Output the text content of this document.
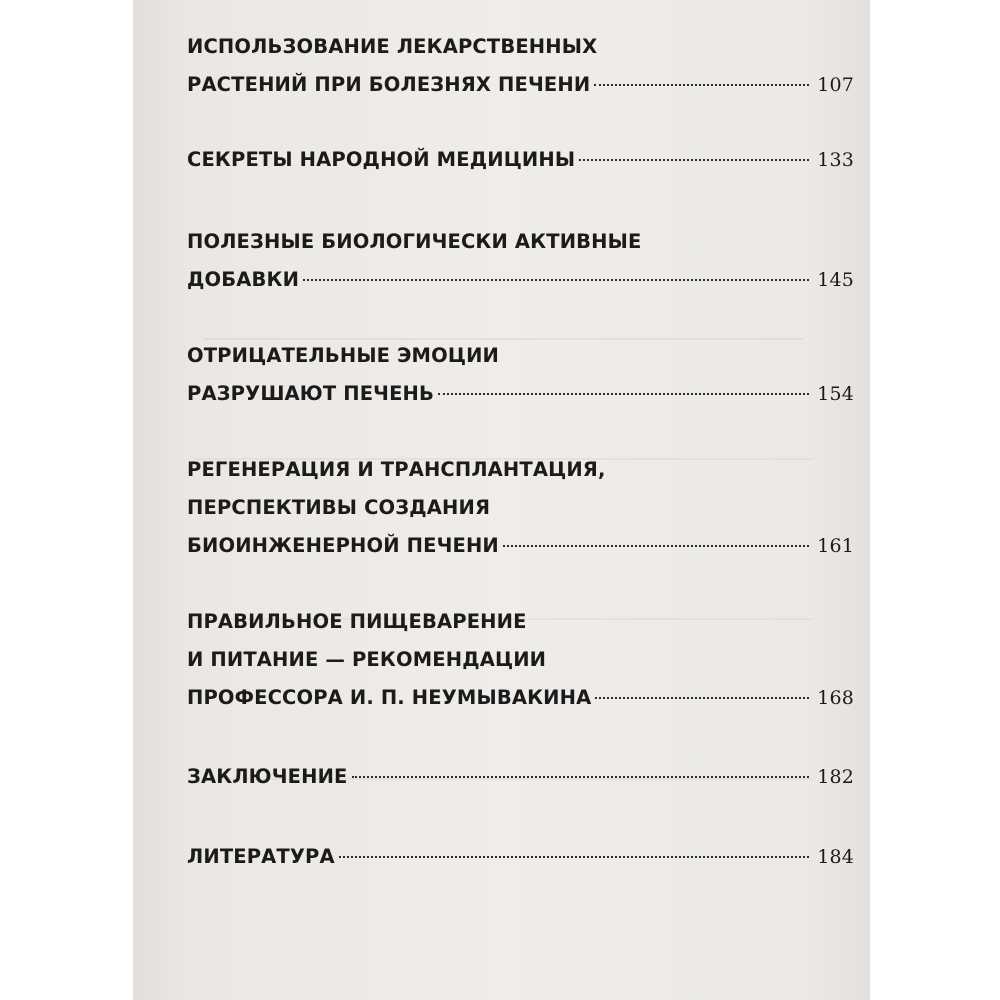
ИСПОЛЬЗОВАНИЕ ЛЕКАРСТВЕННЫХ
РАСТЕНИЙ ПРИ БОЛЕЗНЯХ ПЕЧЕНИ	107
СЕКРЕТЫ НАРОДНОЙ МЕДИЦИНЫ	133
ПОЛЕЗНЫЕ БИОЛОГИЧЕСКИ АКТИВНЫЕ
ДОБАВКИ	145
ОТРИЦАТЕЛЬНЫЕ ЭМОЦИИ
РАЗРУШАЮТ ПЕЧЕНЬ	154
РЕГЕНЕРАЦИЯ И ТРАНСПЛАНТАЦИЯ,
ПЕРСПЕКТИВЫ СОЗДАНИЯ
БИОИНЖЕНЕРНОЙ ПЕЧЕНИ	161
ПРАВИЛЬНОЕ ПИЩЕВАРЕНИЕ
И ПИТАНИЕ — РЕКОМЕНДАЦИИ
ПРОФЕССОРА И. П. НЕУМЫВАКИНА	168
ЗАКЛЮЧЕНИЕ	182
ЛИТЕРАТУРА	184
